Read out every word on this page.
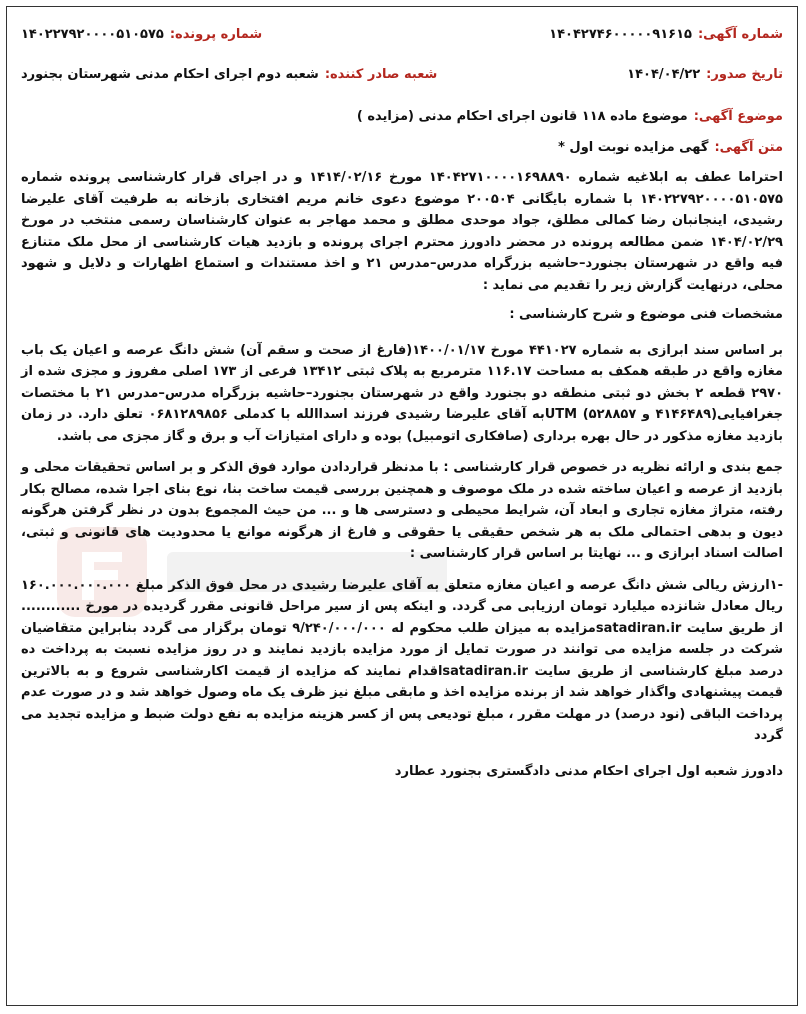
شماره آگهی:
۱۴۰۴۲۷۴۶۰۰۰۰۰۹۱۶۱۵
شماره پرونده:
۱۴۰۲۲۷۹۲۰۰۰۰۵۱۰۵۷۵
تاریخ صدور:
۱۴۰۴/۰۴/۲۲
شعبه صادر کننده:
شعبه دوم اجرای احکام مدنی شهرستان بجنورد
موضوع آگهی:
موضوع ماده ۱۱۸ قانون اجرای احکام مدنی (مزایده )
متن آگهی:
گهی مزایده نوبت اول *

احتراما عطف به ابلاغیه شماره ۱۴۰۴۲۷۱۰۰۰۰۱۶۹۸۸۹۰ مورخ ۱۴۱۴/۰۲/۱۶ و در اجرای قرار کارشناسی پرونده شماره ۱۴۰۲۲۷۹۲۰۰۰۰۵۱۰۵۷۵ با شماره بایگانی ۲۰۰۵۰۴ موضوع دعوی خانم مریم افتخاری بازخانه به طرفیت آقای علیرضا رشیدی، اینجانبان رضا کمالی مطلق، جواد موحدی مطلق و محمد مهاجر به عنوان کارشناسان رسمی منتخب در مورخ ۱۴۰۴/۰۲/۲۹ ضمن مطالعه پرونده در محضر دادورز محترم اجرای پرونده و بازدید هیات کارشناسی از محل ملک متنازع فیه واقع در شهرستان بجنورد–حاشیه بزرگراه مدرس–مدرس ۲۱ و اخذ مستندات و استماع اظهارات و دلایل و شهود محلی، درنهایت گزارش زیر را تقدیم می نماید :

مشخصات فنی موضوع و شرح کارشناسی :

بر اساس سند ابرازی به شماره ۴۴۱۰۲۷ مورخ ۱۴۰۰/۰۱/۱۷(فارغ از صحت و سقم آن) شش دانگ عرصه و اعیان یک باب مغازه واقع در طبقه همکف به مساحت ۱۱۶.۱۷ مترمربع به پلاک ثبتی ۱۳۴۱۲ فرعی از ۱۷۳ اصلی مفروز و مجزی شده از ۲۹۷۰ قطعه ۲ بخش دو ثبتی منطقه دو بجنورد واقع در شهرستان بجنورد–حاشیه بزرگراه مدرس–مدرس ۲۱ با مختصات جغرافیایی(۴۱۴۶۴۸۹ و ۵۲۸۸۵۷) UTMبه آقای علیرضا رشیدی فرزند اسداالله با کدملی ۰۶۸۱۲۸۹۸۵۶ تعلق دارد. در زمان بازدید مغازه مذکور در حال بهره برداری (صافکاری اتومبیل) بوده و دارای امتیازات آب و برق و گاز مجزی می باشد.

جمع بندی و ارائه نظریه در خصوص قرار کارشناسی : با مدنظر قراردادن موارد فوق الذکر و بر اساس تحقیقات محلی و بازدید از عرصه و اعیان ساخته شده در ملک موصوف و همچنین بررسی قیمت ساخت بنا، نوع بنای اجرا شده، مصالح بکار رفته، متراژ مغازه تجاری و ابعاد آن، شرایط محیطی و دسترسی ها و ... من حیث المجموع بدون در نظر گرفتن هرگونه دیون و بدهی احتمالی ملک به هر شخص حقیقی یا حقوقی و فارغ از هرگونه موانع یا محدودیت های قانونی و ثبتی، اصالت اسناد ابرازی و ... نهایتا بر اساس قرار کارشناسی :

-۱ارزش ریالی شش دانگ عرصه و اعیان مغازه متعلق به آقای علیرضا رشیدی در محل فوق الذکر مبلغ ۱۶۰.۰۰۰.۰۰۰.۰۰۰ ریال معادل شانزده میلیارد تومان ارزیابی می گردد. و اینکه پس از سیر مراحل قانونی مقرر گردیده در مورخ ............ از طریق سایت satadiran.irمزایده به میزان طلب محکوم له ۹/۲۴۰/۰۰۰/۰۰۰ تومان برگزار می گردد بنابراین متقاضیان شرکت در جلسه مزایده می توانند در صورت تمایل از مورد مزایده بازدید نمایند و در روز مزایده نسبت به پرداخت ده درصد مبلغ کارشناسی از طریق سایت satadiran.irاقدام نمایند که مزایده از قیمت اکارشناسی شروع و به بالاترین قیمت پیشنهادی واگذار خواهد شد از برنده مزایده اخذ و مابقی مبلغ نیز ظرف یک ماه وصول خواهد شد و در صورت عدم پرداخت الباقی (نود درصد) در مهلت مقرر ، مبلغ تودیعی پس از کسر هزینه مزایده به نفع دولت ضبط و مزایده تجدید می گردد

دادورز شعبه اول اجرای احکام مدنی دادگستری بجنورد عطارد
